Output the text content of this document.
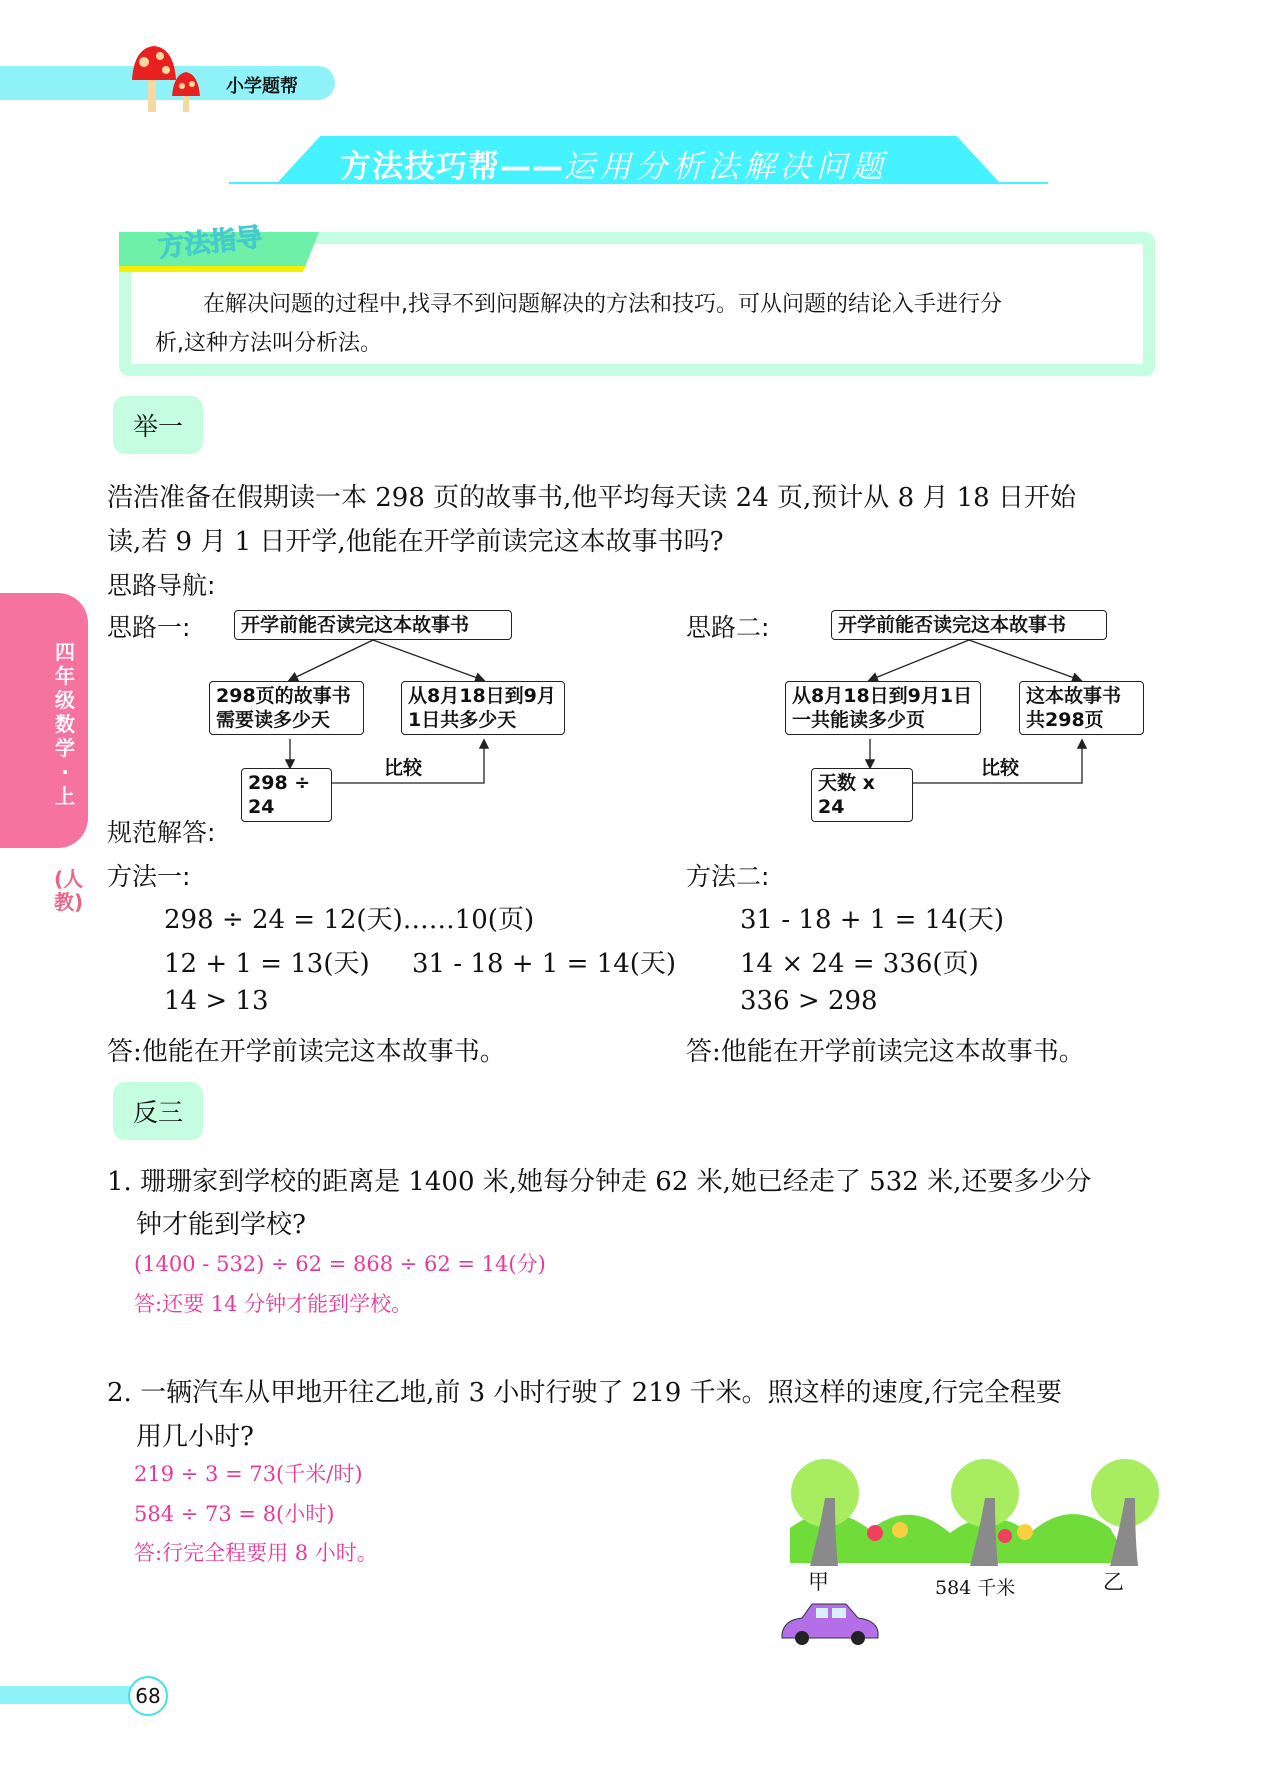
小学题帮
方法技巧帮——运用分析法解决问题
方法指导
在解决问题的过程中,找寻不到问题解决的方法和技巧。可从问题的结论入手进行分
析,这种方法叫分析法。
举一
浩浩准备在假期读一本 298 页的故事书,他平均每天读 24 页,预计从 8 月 18 日开始
读,若 9 月 1 日开学,他能在开学前读完这本故事书吗?
思路导航:
思路一:	开学前能否读完这本故事书
298页的故事书需要读多少天
从8月18日到9月1日共多少天
298 ÷ 24
比较
思路二:	开学前能否读完这本故事书
从8月18日到9月1日一共能读多少页
这本故事书共298页
天数 x 24
比较
规范解答:
方法一:
298 ÷ 24 = 12(天)……10(页)
12 + 1 = 13(天) 31 - 18 + 1 = 14(天)
14 > 13
答:他能在开学前读完这本故事书。
方法二:
31 - 18 + 1 = 14(天)
14 × 24 = 336(页)
336 > 298
答:他能在开学前读完这本故事书。
反三
1. 珊珊家到学校的距离是 1400 米,她每分钟走 62 米,她已经走了 532 米,还要多少分
钟才能到学校?
(1400 - 532) ÷ 62 = 868 ÷ 62 = 14(分)
答:还要 14 分钟才能到学校。
2. 一辆汽车从甲地开往乙地,前 3 小时行驶了 219 千米。照这样的速度,行完全程要
用几小时?
219 ÷ 3 = 73(千米/时)
584 ÷ 73 = 8(小时)
答:行完全程要用 8 小时。
甲	584 千米	乙
四年级数学·上
(人教)
68
